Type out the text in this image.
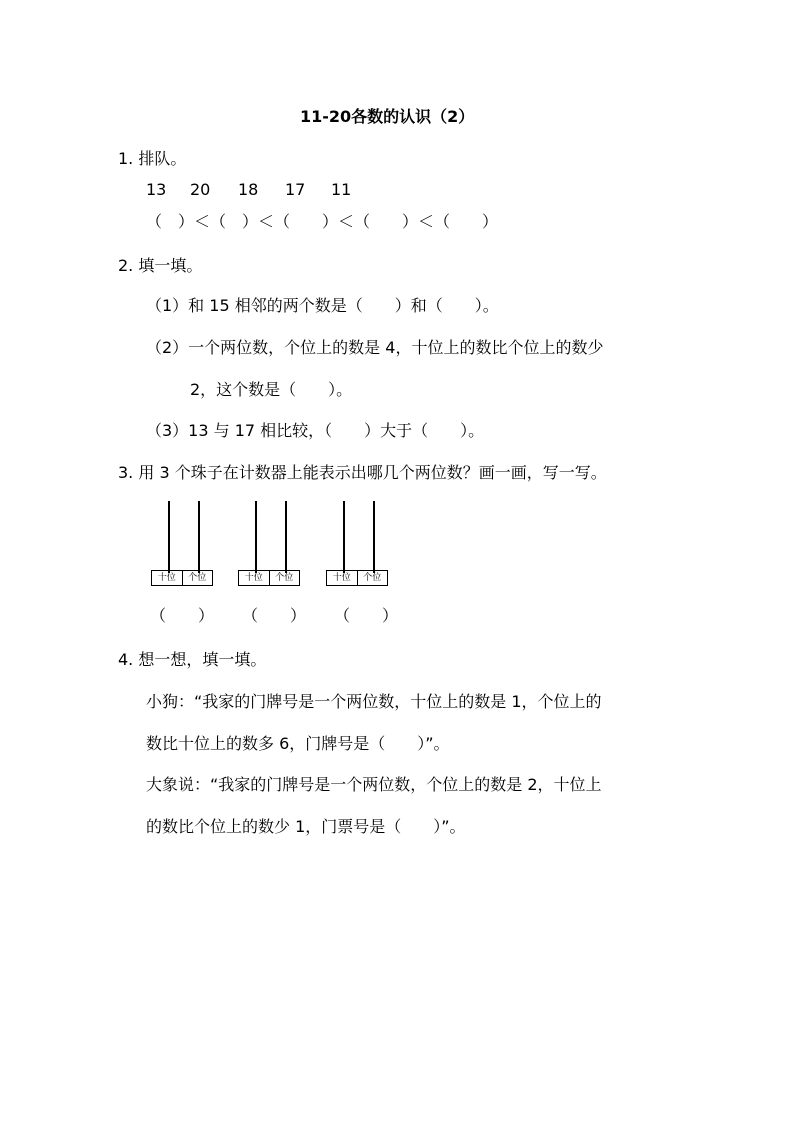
11-20各数的认识（2）
1. 排队。
13 20 18 17 11
（　）＜（　）＜（　　）＜（　　）＜（　　）
2. 填一填。
（1）和 15 相邻的两个数是（　　）和（　　）。
（2）一个两位数，个位上的数是 4，十位上的数比个位上的数少
2，这个数是（　　）。
（3）13 与 17 相比较，（　　）大于（　　）。
3. 用 3 个珠子在计数器上能表示出哪几个两位数？画一画，写一写。
十位	个位	十位	个位	十位	个位
（　　） （　　） （　　）
4. 想一想，填一填。
小狗：“我家的门牌号是一个两位数，十位上的数是 1，个位上的
数比十位上的数多 6，门牌号是（　　）”。
大象说：“我家的门牌号是一个两位数，个位上的数是 2，十位上
的数比个位上的数少 1，门票号是（　　）”。
